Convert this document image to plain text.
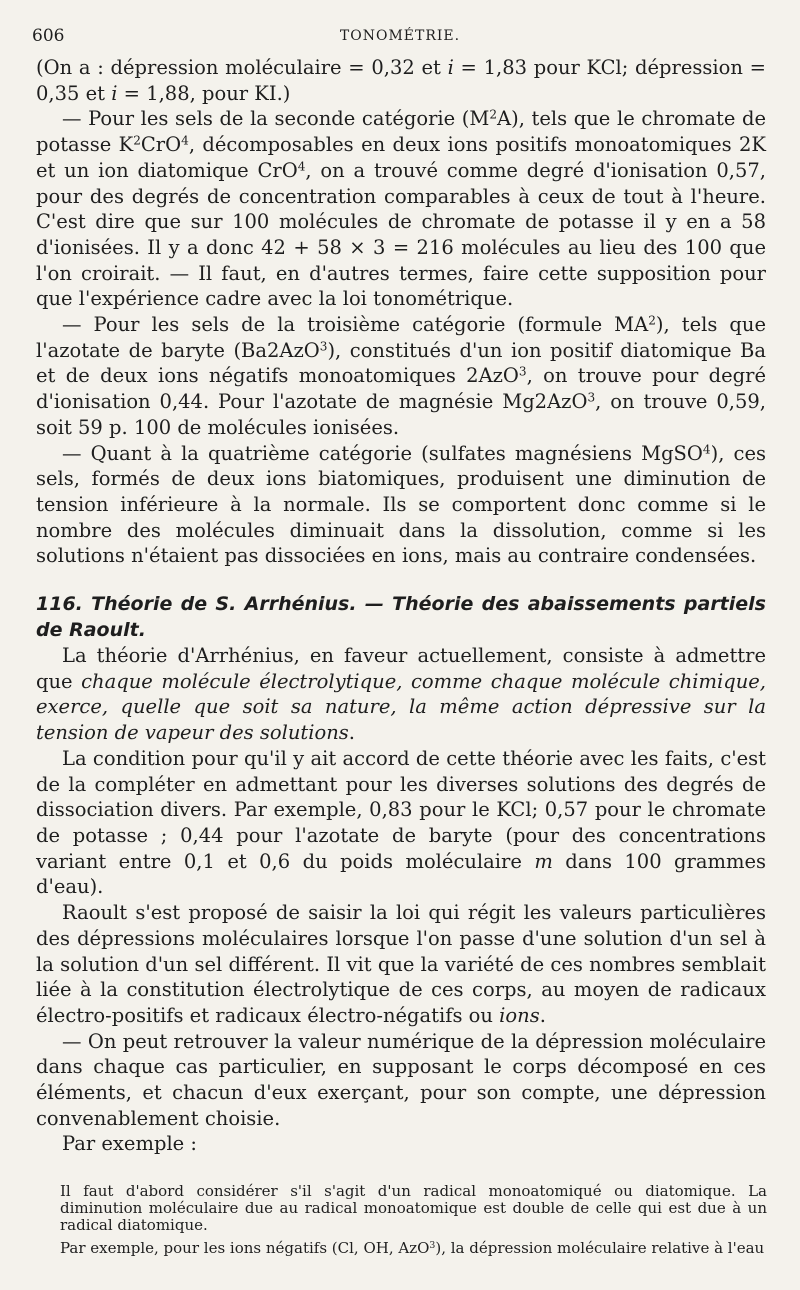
606	TONOMÉTRIE.

(On a : dépression moléculaire = 0,32 et i = 1,83 pour KCl; dépression = 0,35 et i = 1,88, pour KI.)

— Pour les sels de la seconde catégorie $(M^2A)$, tels que le chromate de potasse $K^2CrO^4$, décomposables en deux ions positifs monoatomiques 2K et un ion diatomique CrO$^4$, on a trouvé comme degré d'ionisation 0,57, pour des degrés de concentration comparables à ceux de tout à l'heure. C'est dire que sur 100 molécules de chromate de potasse il y en a 58 d'ionisées. Il y a donc 42 + 58 × 3 = 216 molécules au lieu des 100 que l'on croirait. — Il faut, en d'autres termes, faire cette supposition pour que l'expérience cadre avec la loi tonométrique.

— Pour les sels de la troisième catégorie (formule $MA^2$), tels que l'azotate de baryte (Ba2AzO$^3$), constitués d'un ion positif diatomique Ba et de deux ions négatifs monoatomiques 2AzO$^3$, on trouve pour degré d'ionisation 0,44. Pour l'azotate de magnésie Mg2AzO$^3$, on trouve 0,59, soit 59 p. 100 de molécules ionisées.

— Quant à la quatrième catégorie (sulfates magnésiens MgSO$^4$), ces sels, formés de deux ions biatomiques, produisent une diminution de tension inférieure à la normale. Ils se comportent donc comme si le nombre des molécules diminuait dans la dissolution, comme si les solutions n'étaient pas dissociées en ions, mais au contraire condensées.

116. Théorie de S. Arrhénius. — Théorie des abaissements partiels de Raoult.

La théorie d'Arrhénius, en faveur actuellement, consiste à admettre que chaque molécule électrolytique, comme chaque molécule chimique, exerce, quelle que soit sa nature, la même action dépressive sur la tension de vapeur des solutions.

La condition pour qu'il y ait accord de cette théorie avec les faits, c'est de la compléter en admettant pour les diverses solutions des degrés de dissociation divers. Par exemple, 0,83 pour le KCl; 0,57 pour le chromate de potasse ; 0,44 pour l'azotate de baryte (pour des concentrations variant entre 0,1 et 0,6 du poids moléculaire m dans 100 grammes d'eau).

Raoult s'est proposé de saisir la loi qui régit les valeurs particulières des dépressions moléculaires lorsque l'on passe d'une solution d'un sel à la solution d'un sel différent. Il vit que la variété de ces nombres semblait liée à la constitution électrolytique de ces corps, au moyen de radicaux électro-positifs et radicaux électro-négatifs ou ions.

— On peut retrouver la valeur numérique de la dépression moléculaire dans chaque cas particulier, en supposant le corps décomposé en ces éléments, et chacun d'eux exerçant, pour son compte, une dépression convenablement choisie.

Par exemple :

Il faut d'abord considérer s'il s'agit d'un radical monoatomiqué ou diatomique. La diminution moléculaire due au radical monoatomique est double de celle qui est due à un radical diatomique.

Par exemple, pour les ions négatifs (Cl, OH, AzO$^3$), la dépression moléculaire relative à l'eau
